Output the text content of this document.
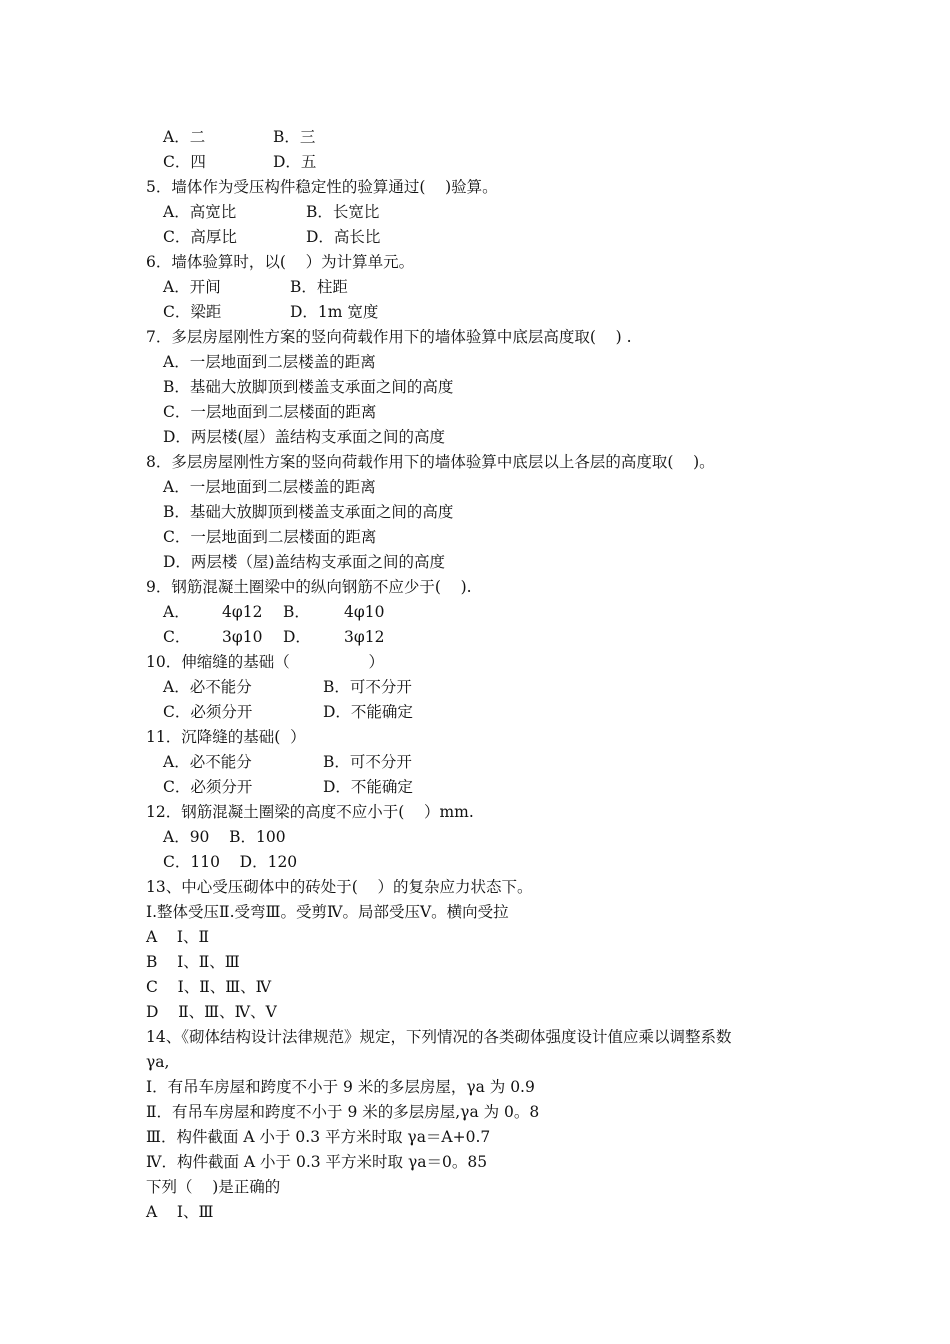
A．二	B．三
C．四	D．五
5．墙体作为受压构件稳定性的验算通过(    )验算。
A．高宽比	B．长宽比
C．高厚比	D．高长比
6．墙体验算时，以(    ）为计算单元。
A．开间	B．柱距
C．梁距	D．1m 宽度
7．多层房屋刚性方案的竖向荷载作用下的墙体验算中底层高度取(    ) .
A．一层地面到二层楼盖的距离
B．基础大放脚顶到楼盖支承面之间的高度
C．一层地面到二层楼面的距离
D．两层楼(屋）盖结构支承面之间的高度
8．多层房屋刚性方案的竖向荷载作用下的墙体验算中底层以上各层的高度取(    )。
A．一层地面到二层楼盖的距离
B．基础大放脚顶到楼盖支承面之间的高度
C．一层地面到二层楼面的距离
D．两层楼（屋)盖结构支承面之间的高度
9．钢筋混凝土圈梁中的纵向钢筋不应少于(    ).
A． 4φ12 B． 4φ10
C． 3φ10 D． 3φ12
10．伸缩缝的基础（                ）
A．必不能分	B．可不分开
C．必须分开	D．不能确定
11．沉降缝的基础(  ）
A．必不能分	B．可不分开
C．必须分开	D．不能确定
12．钢筋混凝土圈梁的高度不应小于(    ）mm.
A．90    B．100
C．110    D．120
13、中心受压砌体中的砖处于(    ）的复杂应力状态下。
Ⅰ.整体受压Ⅱ.受弯Ⅲ。受剪Ⅳ。局部受压Ⅴ。横向受拉
A    Ⅰ、Ⅱ
B    Ⅰ、Ⅱ、Ⅲ
C    Ⅰ、Ⅱ、Ⅲ、Ⅳ
D    Ⅱ、Ⅲ、Ⅳ、Ⅴ
14、《砌体结构设计法律规范》规定，下列情况的各类砌体强度设计值应乘以调整系数
γa,
Ⅰ．有吊车房屋和跨度不小于 9 米的多层房屋，γa 为 0.9
Ⅱ．有吊车房屋和跨度不小于 9 米的多层房屋,γa 为 0。8
Ⅲ．构件截面 A 小于 0.3 平方米时取 γa＝A+0.7
Ⅳ．构件截面 A 小于 0.3 平方米时取 γa＝0。85
下列（    )是正确的
A    Ⅰ、Ⅲ
